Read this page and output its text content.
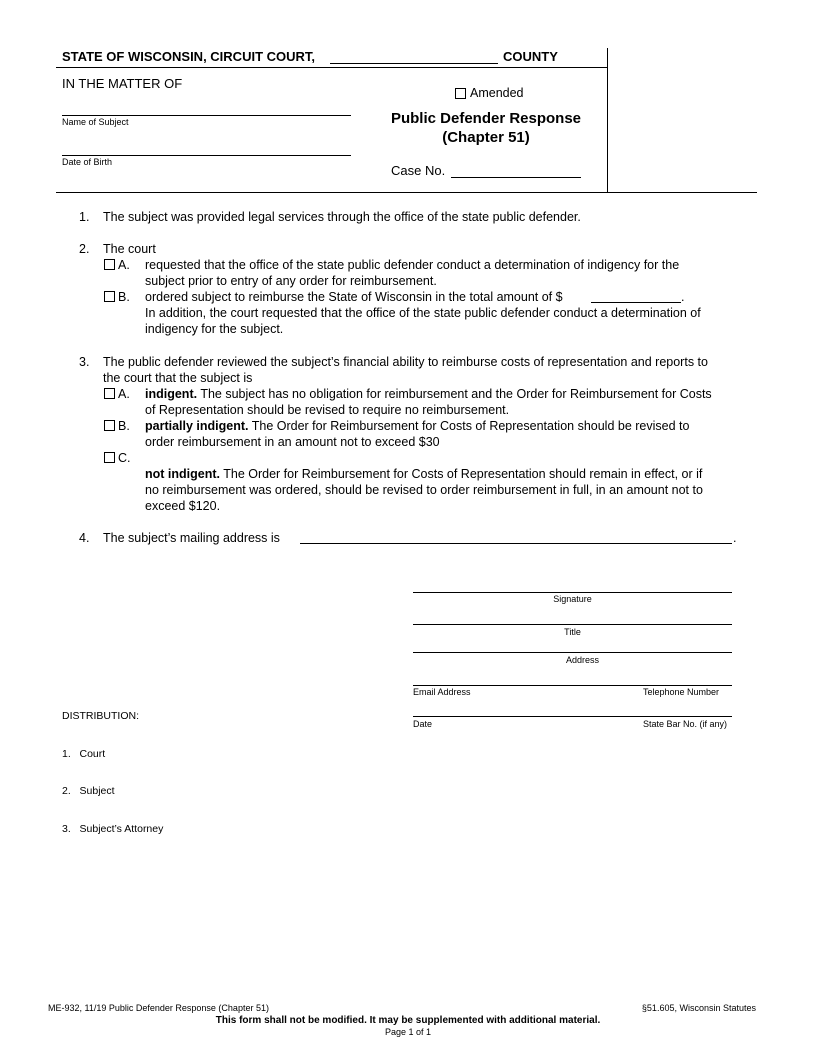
STATE OF WISCONSIN, CIRCUIT COURT,	COUNTY
IN THE MATTER OF
Name of Subject
Date of Birth
Amended
Public Defender Response
(Chapter 51)
Case No.
1. The subject was provided legal services through the office of the state public defender.
2. The court
A. requested that the office of the state public defender conduct a determination of indigency for the
subject prior to entry of any order for reimbursement.
B. ordered subject to reimburse the State of Wisconsin in the total amount of $	.
In addition, the court requested that the office of the state public defender conduct a determination of
indigency for the subject.
3. The public defender reviewed the subject’s financial ability to reimburse costs of representation and reports to
the court that the subject is
A. indigent. The subject has no obligation for reimbursement and the Order for Reimbursement for Costs
of Representation should be revised to require no reimbursement.
B. partially indigent. The Order for Reimbursement for Costs of Representation should be revised to
order reimbursement in an amount not to exceed $30
C.
not indigent. The Order for Reimbursement for Costs of Representation should remain in effect, or if
no reimbursement was ordered, should be revised to order reimbursement in full, in an amount not to
exceed $120.
4. The subject’s mailing address is	.
Signature
Title
Address
Email Address	Telephone Number
Date	State Bar No. (if any)

DISTRIBUTION:

1.   Court

2.   Subject

3.   Subject’s Attorney

ME-932, 11/19 Public Defender Response (Chapter 51)	§51.605, Wisconsin Statutes
This form shall not be modified. It may be supplemented with additional material.
Page 1 of 1
